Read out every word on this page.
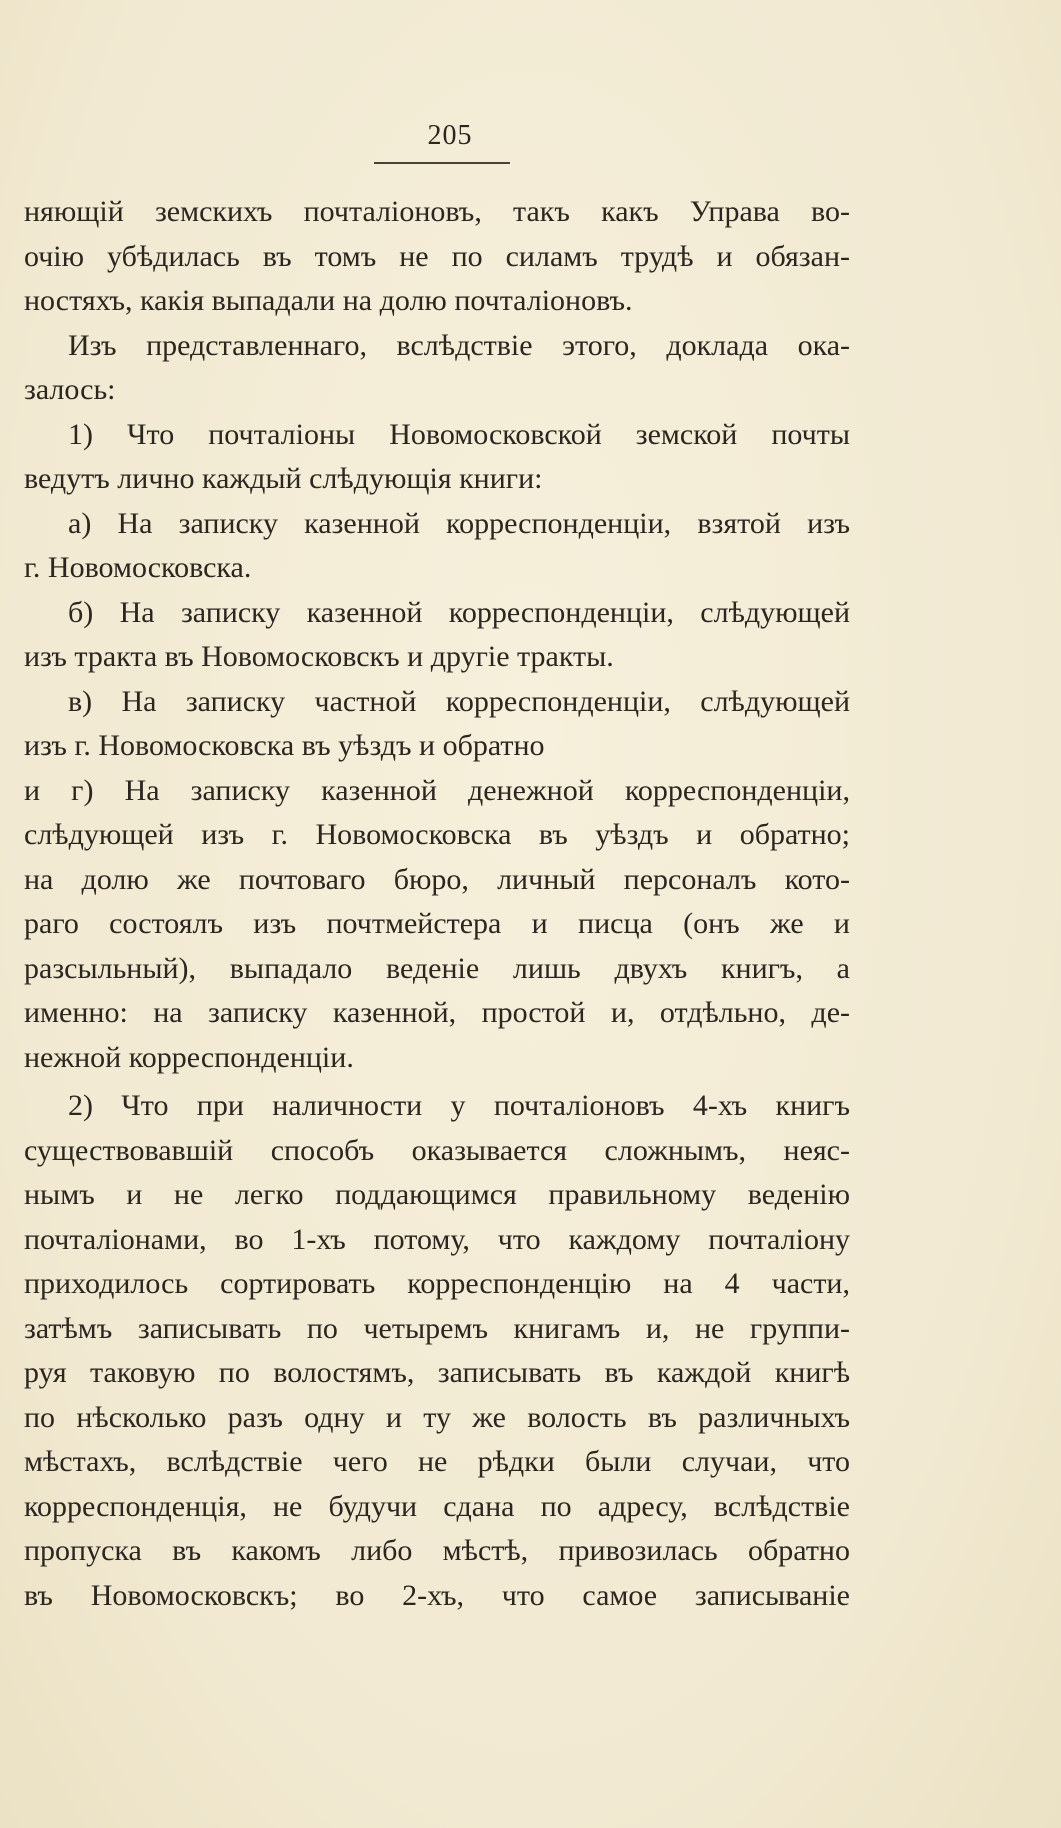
205
няющій земскихъ почталіоновъ, такъ какъ Управа во-
очію убѣдилась въ томъ не по силамъ трудѣ и обязан-
ностяхъ, какія выпадали на долю почталіоновъ.
Изъ представленнаго, вслѣдствіе этого, доклада ока-
залось:
1) Что почталіоны Новомосковской земской почты
ведутъ лично каждый слѣдующія книги:
а) На записку казенной корреспонденціи, взятой изъ
г. Новомосковска.
б) На записку казенной корреспонденціи, слѣдующей
изъ тракта въ Новомосковскъ и другіе тракты.
в) На записку частной корреспонденціи, слѣдующей
изъ г. Новомосковска въ уѣздъ и обратно
и г) На записку казенной денежной корреспонденціи,
слѣдующей изъ г. Новомосковска въ уѣздъ и обратно;
на долю же почтоваго бюро, личный персоналъ кото-
раго состоялъ изъ почтмейстера и писца (онъ же и
разсыльный), выпадало веденіе лишь двухъ книгъ, а
именно: на записку казенной, простой и, отдѣльно, де-
нежной корреспонденціи.
2) Что при наличности у почталіоновъ 4-хъ книгъ
существовавшій способъ оказывается сложнымъ, неяс-
нымъ и не легко поддающимся правильному веденію
почталіонами, во 1-хъ потому, что каждому почталіону
приходилось сортировать корреспонденцію на 4 части,
затѣмъ записывать по четыремъ книгамъ и, не группи-
руя таковую по волостямъ, записывать въ каждой книгѣ
по нѣсколько разъ одну и ту же волость въ различныхъ
мѣстахъ, вслѣдствіе чего не рѣдки были случаи, что
корреспонденція, не будучи сдана по адресу, вслѣдствіе
пропуска въ какомъ либо мѣстѣ, привозилась обратно
въ Новомосковскъ; во 2-хъ, что самое записываніе
